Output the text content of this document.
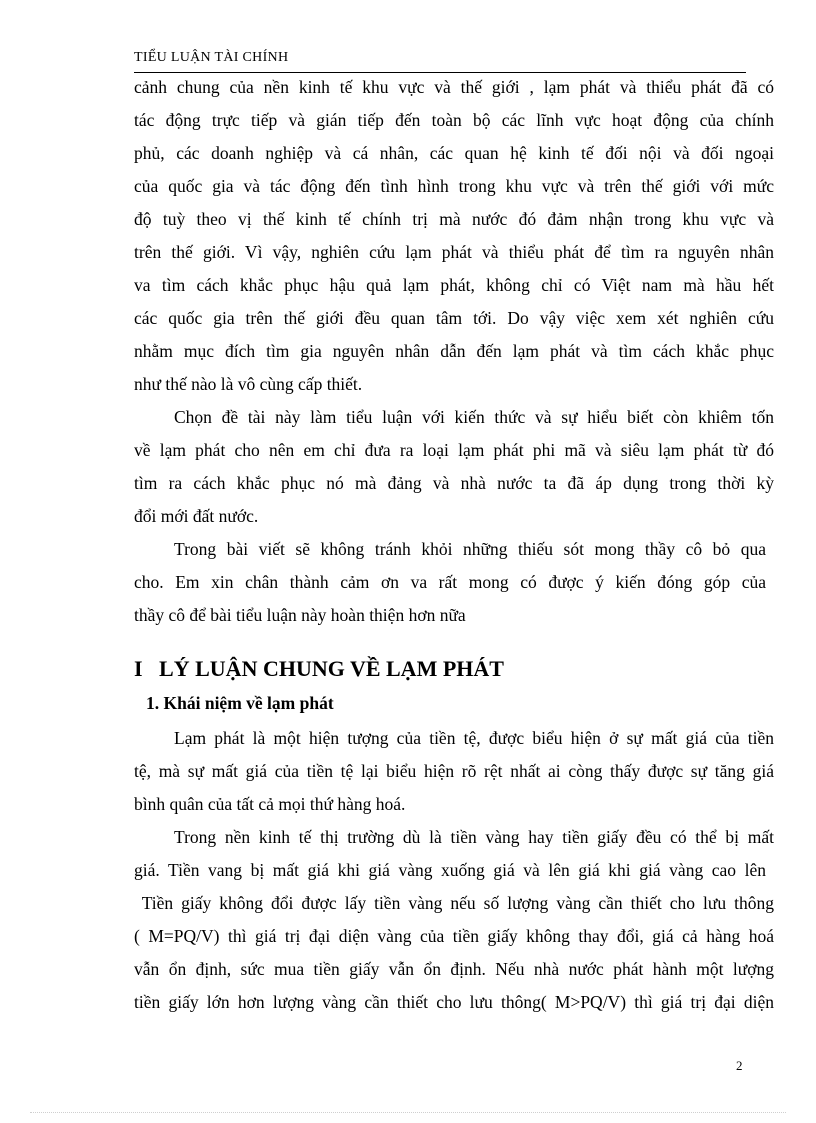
TIỂU LUẬN TÀI CHÍNH
cảnh chung của nền kinh tế khu vực và thế giới , lạm phát và thiểu phát đã có
tác động trực tiếp và gián tiếp đến toàn bộ các lĩnh vực hoạt động của chính
phủ, các doanh nghiệp và cá nhân, các quan hệ kinh tế đối nội và đối ngoại
của quốc gia và tác động đến tình hình trong khu vực và trên thế giới với mức
độ tuỳ theo vị thế kinh tế chính trị mà nước đó đảm nhận trong khu vực và
trên thế giới. Vì vậy, nghiên cứu lạm phát và thiểu phát để tìm ra nguyên nhân
va tìm cách khắc phục hậu quả lạm phát, không chỉ có Việt nam mà hầu hết
các quốc gia trên thế giới đều quan tâm tới. Do vậy việc xem xét nghiên cứu
nhằm mục đích tìm gia nguyên nhân dẫn đến lạm phát và tìm cách khắc phục
như thế nào là vô cùng cấp thiết.
Chọn đề tài này làm tiểu luận với kiến thức và sự hiểu biết còn khiêm tốn
về lạm phát cho nên em chỉ đưa ra loại lạm phát phi mã và siêu lạm phát từ đó
tìm ra cách khắc phục nó mà đảng và nhà nước ta đã áp dụng trong thời kỳ
đổi mới đất nước.
Trong bài viết sẽ không tránh khỏi những thiếu sót mong thầy cô bỏ qua
cho. Em xin chân thành cảm ơn va rất mong có được ý kiến đóng góp của
thầy cô để bài tiểu luận này hoàn thiện hơn nữa
I   LÝ LUẬN CHUNG VỀ LẠM PHÁT
1. Khái niệm về lạm phát
Lạm phát là một hiện tượng của tiền tệ, được biểu hiện ở sự mất giá của tiền
tệ, mà sự mất giá của tiền tệ lại biểu hiện rõ rệt nhất ai còng thấy được sự tăng giá
bình quân của tất cả mọi thứ hàng hoá.
Trong nền kinh tế thị trường dù là tiền vàng hay tiền giấy đều có thể bị mất
giá. Tiền vang bị mất giá khi giá vàng xuống giá và lên giá khi giá vàng cao lên
Tiền giấy không đổi được lấy tiền vàng nếu số lượng vàng cần thiết cho lưu thông
( M=PQ/V) thì giá trị đại diện vàng của tiền giấy không thay đổi, giá cả hàng hoá
vẫn ổn định, sức mua tiền giấy vẫn ổn định. Nếu nhà nước phát hành một lượng
tiền giấy lớn hơn lượng vàng cần thiết cho lưu thông( M>PQ/V) thì giá trị đại diện
2
